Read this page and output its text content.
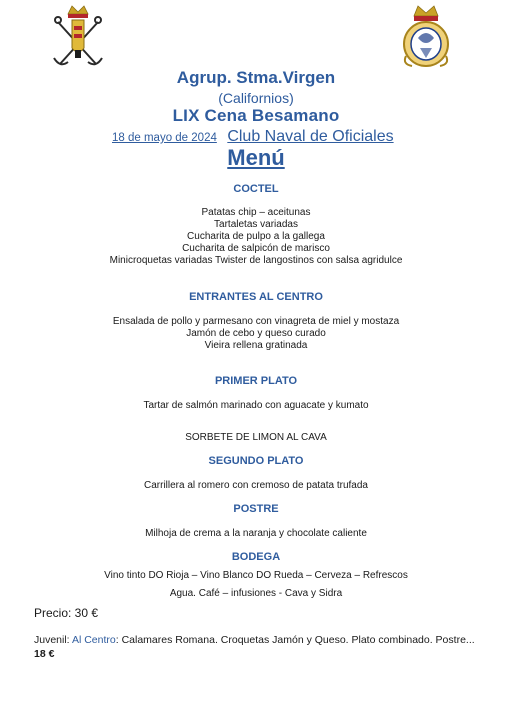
Agrup. Stma.Virgen
(Californios)
LIX Cena Besamano
18 de mayo de 2024 Club Naval de Oficiales
Menú

COCTEL

Patatas chip – aceitunas
Tartaletas variadas
Cucharita de pulpo a la gallega
Cucharita de salpicón de marisco
Minicroquetas variadas Twister de langostinos con salsa agridulce

ENTRANTES AL CENTRO

Ensalada de pollo y parmesano con vinagreta de miel y mostaza
Jamón de cebo y queso curado
Vieira rellena gratinada

PRIMER PLATO

Tartar de salmón marinado con aguacate y kumato
SORBETE DE LIMON AL CAVA

SEGUNDO PLATO

Carrillera al romero con cremoso de patata trufada

POSTRE

Milhoja de crema a la naranja y chocolate caliente

BODEGA

Vino tinto DO Rioja – Vino Blanco DO Rueda – Cerveza – Refrescos
Agua. Café – infusiones - Cava y Sidra
Precio: 30 €
Juvenil: Al Centro: Calamares Romana. Croquetas Jamón y Queso. Plato combinado. Postre... 18 €
